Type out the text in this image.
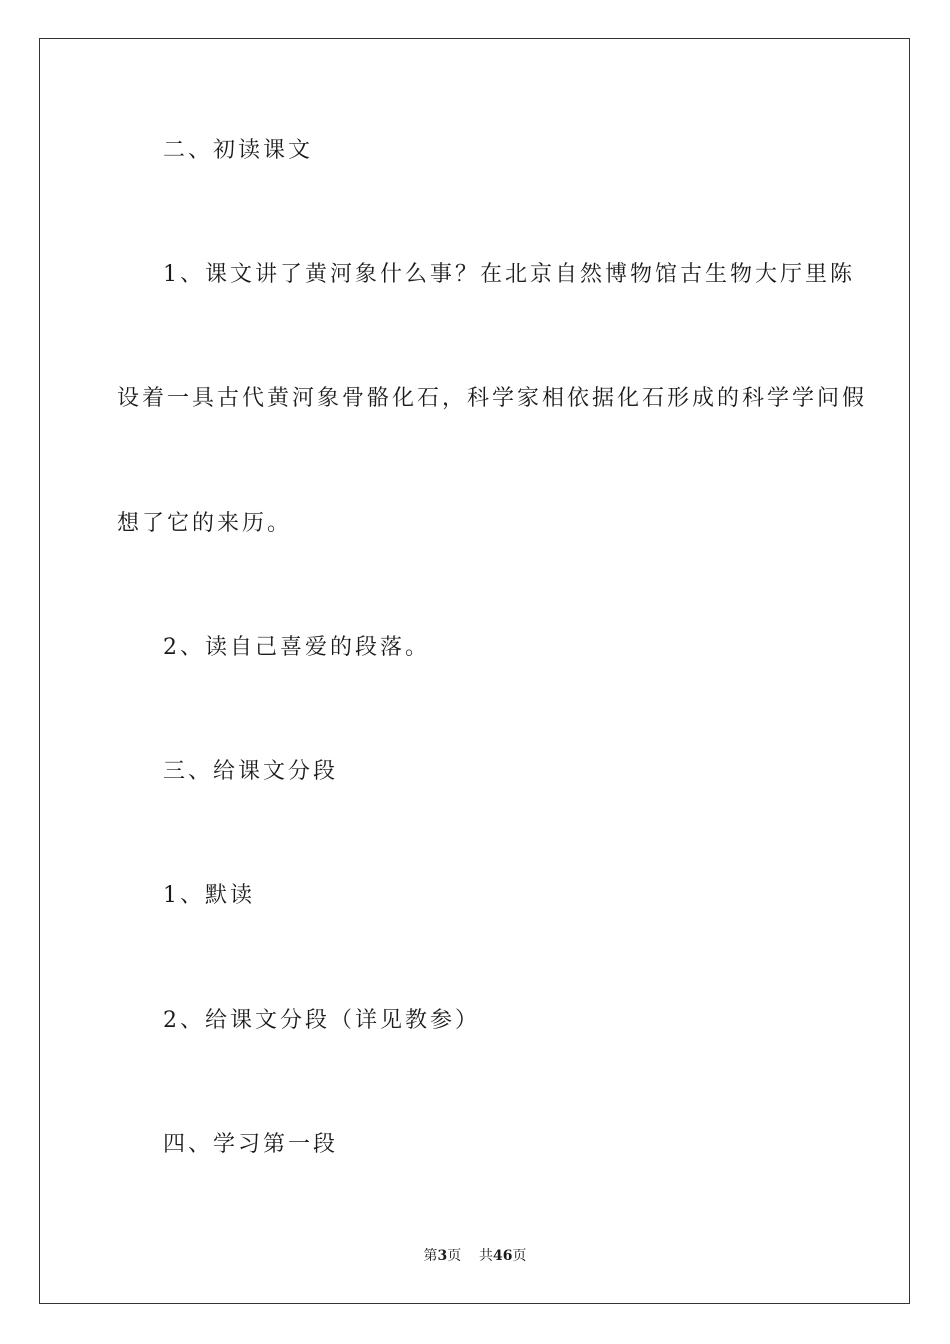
二、初读课文
1、课文讲了黄河象什么事？在北京自然博物馆古生物大厅里陈
设着一具古代黄河象骨骼化石，科学家相依据化石形成的科学学问假
想了它的来历。
2、读自己喜爱的段落。
三、给课文分段
1、默读
2、给课文分段（详见教参）
四、学习第一段
第3页 共46页
